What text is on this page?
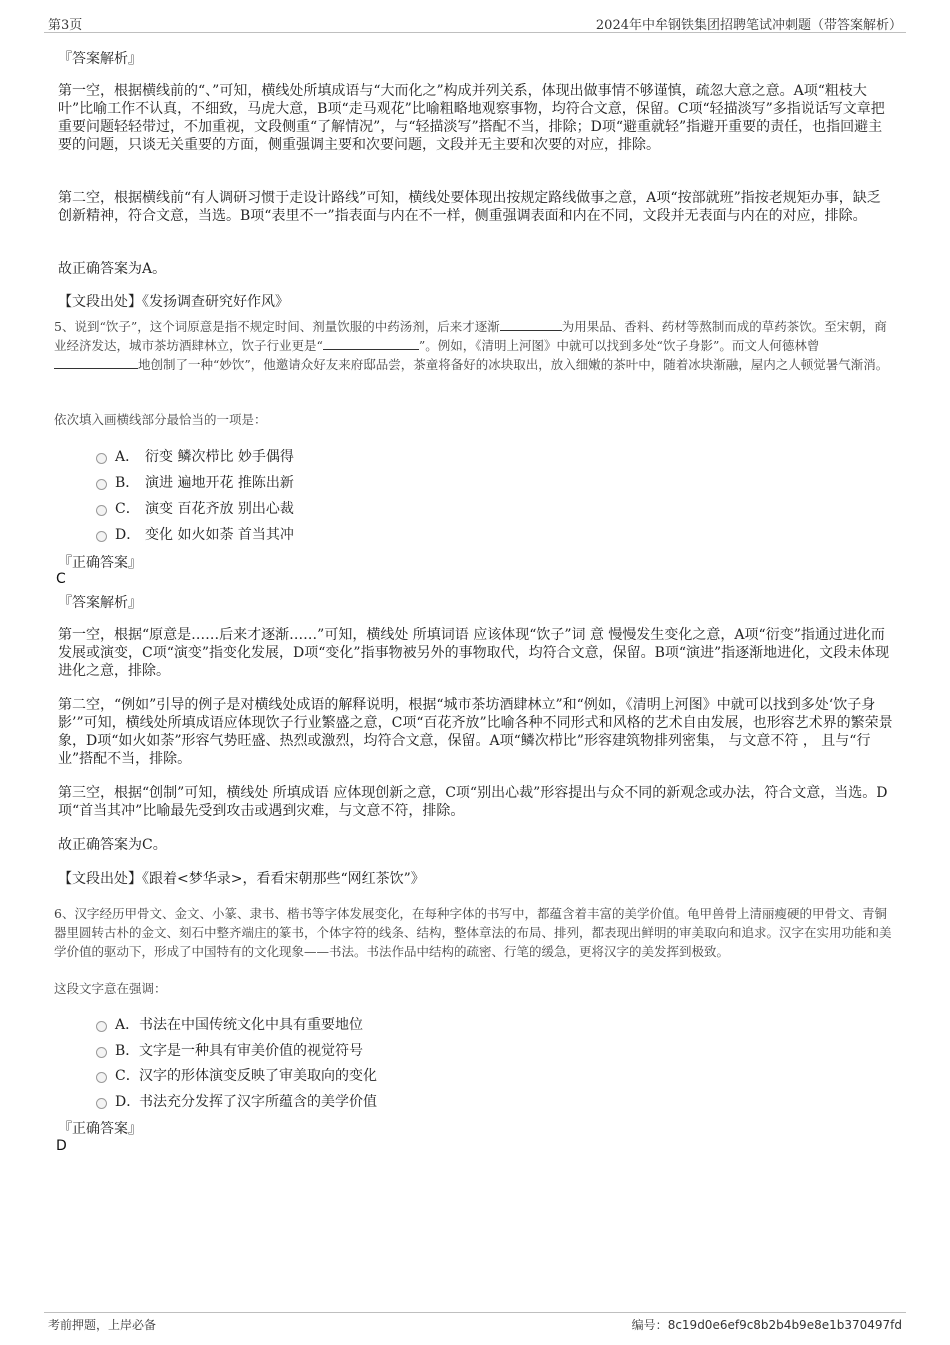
第3页	2024年中牟钢铁集团招聘笔试冲刺题（带答案解析）
『答案解析』
第一空，根据横线前的“、”可知，横线处所填成语与“大而化之”构成并列关系，体现出做事情不够谨慎，疏忽大意之意。A项“粗枝大叶”比喻工作不认真，不细致，马虎大意，B项“走马观花”比喻粗略地观察事物，均符合文意，保留。C项“轻描淡写”多指说话写文章把重要问题轻轻带过，不加重视，文段侧重“了解情况”，与“轻描淡写”搭配不当，排除；D项“避重就轻”指避开重要的责任，也指回避主要的问题，只谈无关重要的方面，侧重强调主要和次要问题，文段并无主要和次要的对应，排除。
第二空，根据横线前“有人调研习惯于走设计路线”可知，横线处要体现出按规定路线做事之意，A项“按部就班”指按老规矩办事，缺乏创新精神，符合文意，当选。B项“表里不一”指表面与内在不一样，侧重强调表面和内在不同，文段并无表面与内在的对应，排除。
故正确答案为A。
【文段出处】《发扬调查研究好作风》
5、说到“饮子”，这个词原意是指不规定时间、剂量饮服的中药汤剂，后来才逐渐	为用果品、香料、药材等熬制而成的草药茶饮。至宋朝，商业经济发达，城市茶坊酒肆林立，饮子行业更是“	”。例如，《清明上河图》中就可以找到多处“饮子身影”。而文人何德林曾地创制了一种“妙饮”，他邀请众好友来府邸品尝，茶童将备好的冰块取出，放入细嫩的茶叶中，随着冰块渐融，屋内之人顿觉暑气渐消。
依次填入画横线部分最恰当的一项是：
A． 衍变 鳞次栉比 妙手偶得
B． 演进 遍地开花 推陈出新
C． 演变 百花齐放 别出心裁
D． 变化 如火如荼 首当其冲
『正确答案』
C
『答案解析』
第一空，根据“原意是……后来才逐渐……”可知，横线处 所填词语 应该体现“饮子”词 意 慢慢发生变化之意，A项“衍变”指通过进化而发展或演变，C项“演变”指变化发展，D项“变化”指事物被另外的事物取代，均符合文意，保留。B项“演进”指逐渐地进化，文段未体现进化之意，排除。
第二空，“例如”引导的例子是对横线处成语的解释说明，根据“城市茶坊酒肆林立”和“例如，《清明上河图》中就可以找到多处‘饮子身影’”可知，横线处所填成语应体现饮子行业繁盛之意，C项“百花齐放”比喻各种不同形式和风格的艺术自由发展，也形容艺术界的繁荣景象，D项“如火如荼”形容气势旺盛、热烈或激烈，均符合文意，保留。A项“鳞次栉比”形容建筑物排列密集， 与文意不符 ， 且与“行业”搭配不当，排除。
第三空，根据“创制”可知，横线处 所填成语 应体现创新之意，C项“别出心裁”形容提出与众不同的新观念或办法，符合文意，当选。D项“首当其冲”比喻最先受到攻击或遇到灾难，与文意不符，排除。
故正确答案为C。
【文段出处】《跟着<梦华录>，看看宋朝那些“网红茶饮”》
6、汉字经历甲骨文、金文、小篆、隶书、楷书等字体发展变化，在每种字体的书写中，都蕴含着丰富的美学价值。龟甲兽骨上清丽瘦硬的甲骨文、青铜器里圆转古朴的金文、刻石中整齐端庄的篆书，个体字符的线条、结构，整体章法的布局、排列，都表现出鲜明的审美取向和追求。汉字在实用功能和美学价值的驱动下，形成了中国特有的文化现象——书法。书法作品中结构的疏密、行笔的缓急，更将汉字的美发挥到极致。
这段文字意在强调：
A． 书法在中国传统文化中具有重要地位
B． 文字是一种具有审美价值的视觉符号
C． 汉字的形体演变反映了审美取向的变化
D．
书法充分发挥了汉字所蕴含的美学价值
『正确答案』
D
考前押题，上岸必备	编号：8c19d0e6ef9c8b2b4b9e8e1b370497fd
